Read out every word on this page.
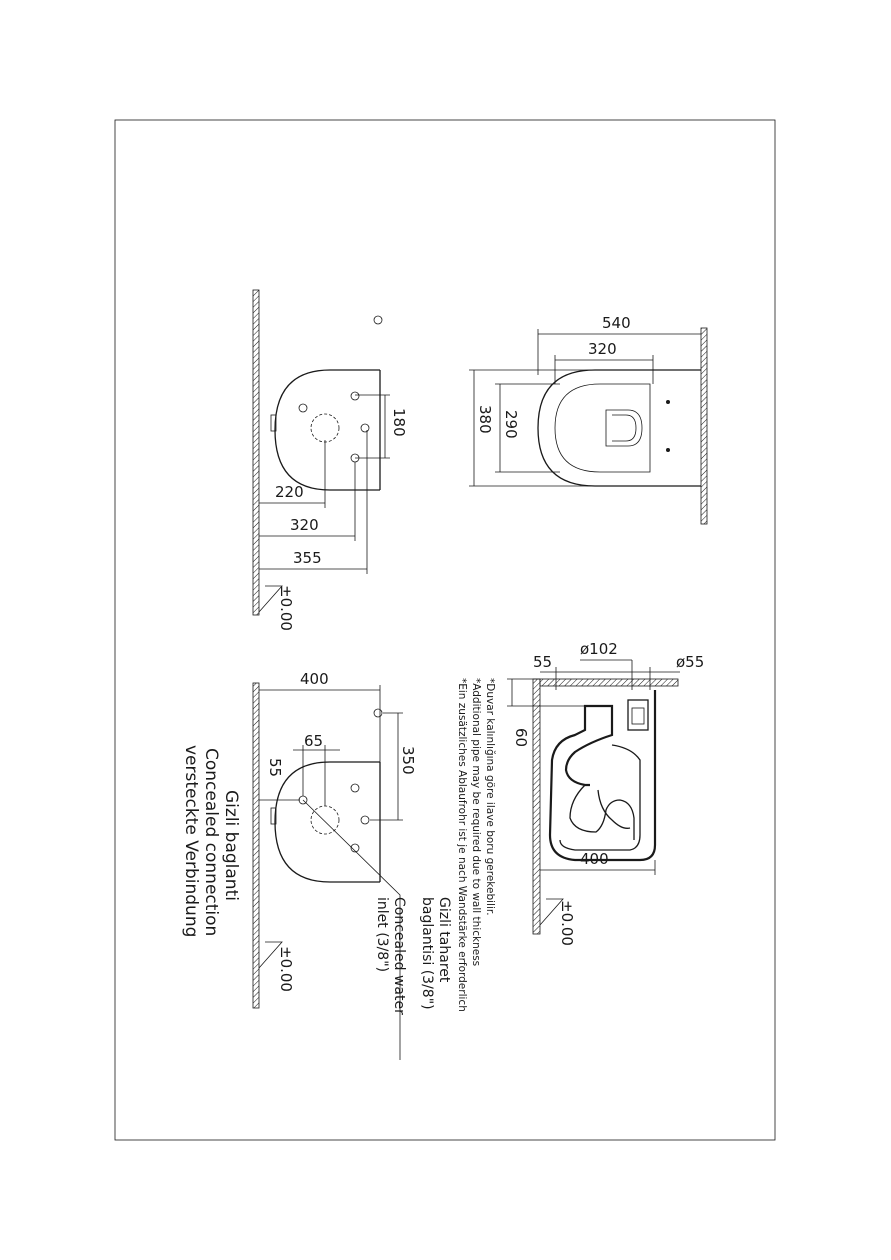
180
220
320
355
±0.00
540
320
380 290
400
65
55	350
±0.00	Gizli taharet
baglantisi (3/8")
Concealed water
inlet (3/8")
Gizli baglanti
Concealed connection
versteckte Verbindung	*Duvar kalınlığına göre ilave boru gerekebilir.
*Additional pipe may be required due to wall thickness
*Ein zusätzliches Ablaufrohr ist je nach Wandstärke erforderlich
55
ø102
ø55
60
400
±0.00
